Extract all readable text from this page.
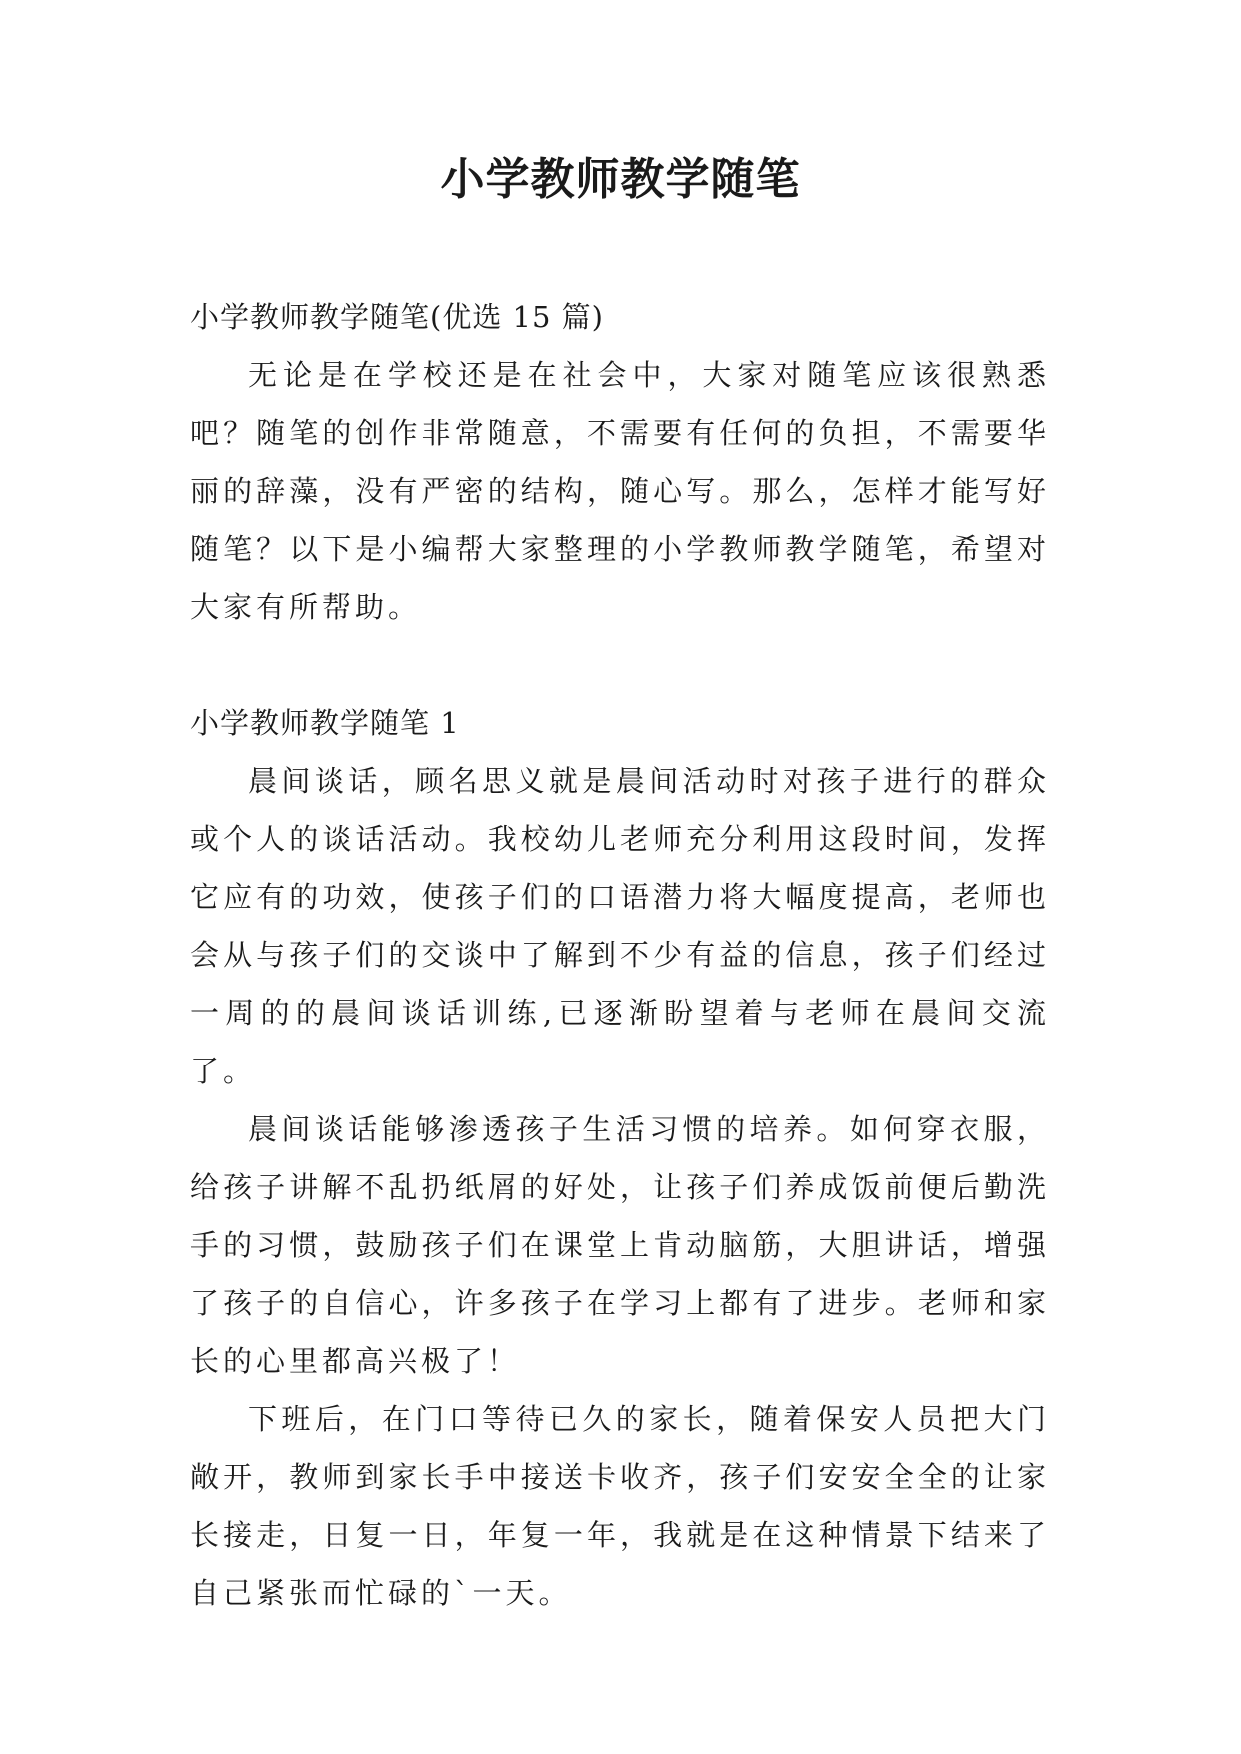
小学教师教学随笔
小学教师教学随笔(优选 15 篇)

无论是在学校还是在社会中，大家对随笔应该很熟悉吧？随笔的创作非常随意，不需要有任何的负担，不需要华丽的辞藻，没有严密的结构，随心写。那么，怎样才能写好随笔？以下是小编帮大家整理的小学教师教学随笔，希望对大家有所帮助。

小学教师教学随笔 1

晨间谈话，顾名思义就是晨间活动时对孩子进行的群众或个人的谈话活动。我校幼儿老师充分利用这段时间，发挥它应有的功效，使孩子们的口语潜力将大幅度提高，老师也会从与孩子们的交谈中了解到不少有益的信息，孩子们经过一周的的晨间谈话训练,已逐渐盼望着与老师在晨间交流了。

晨间谈话能够渗透孩子生活习惯的培养。如何穿衣服，给孩子讲解不乱扔纸屑的好处，让孩子们养成饭前便后勤洗手的习惯，鼓励孩子们在课堂上肯动脑筋，大胆讲话，增强了孩子的自信心，许多孩子在学习上都有了进步。老师和家长的心里都高兴极了！

下班后，在门口等待已久的家长，随着保安人员把大门敞开，教师到家长手中接送卡收齐，孩子们安安全全的让家长接走，日复一日，年复一年，我就是在这种情景下结来了自己紧张而忙碌的`一天。
